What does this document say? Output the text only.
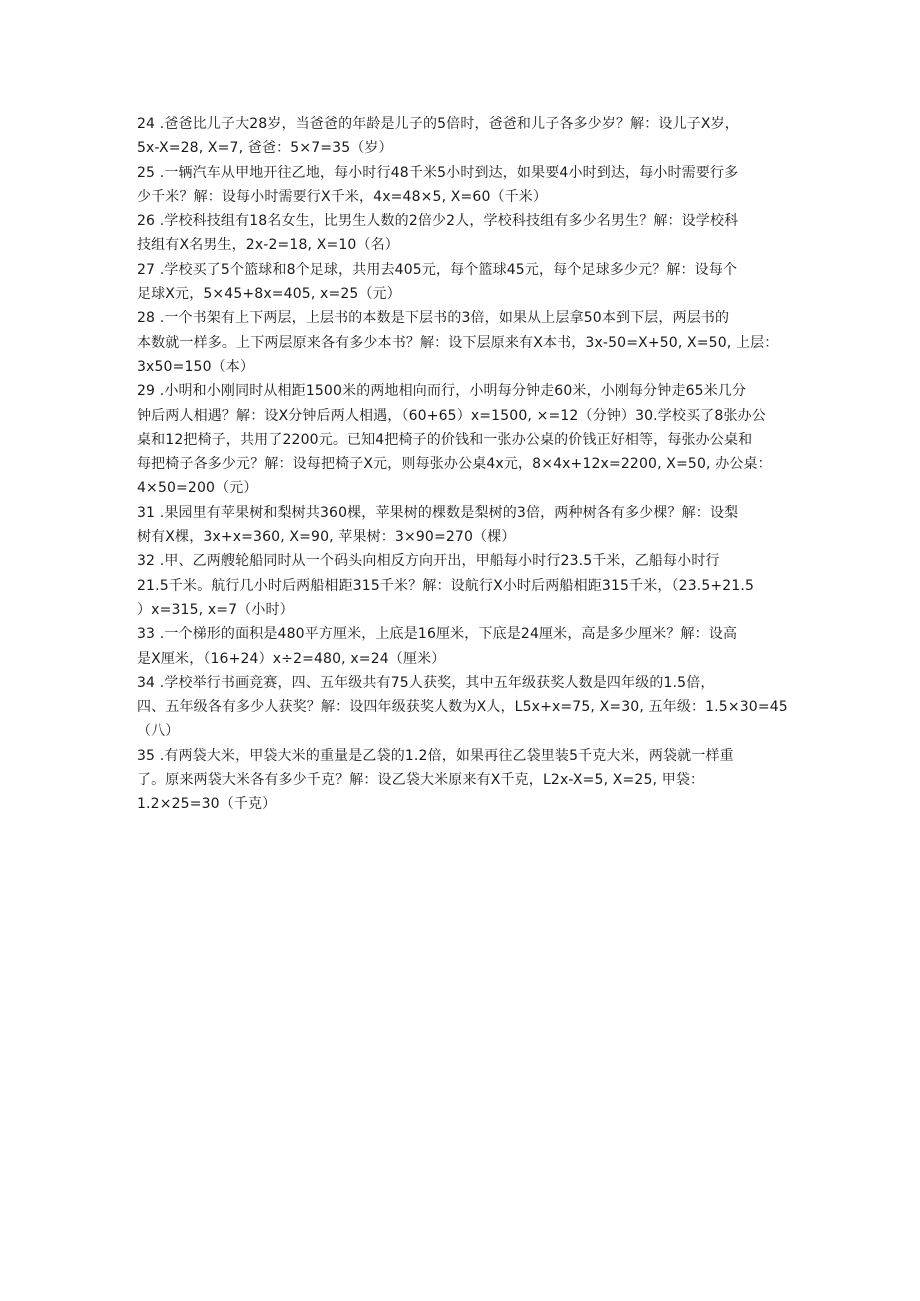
24 .爸爸比儿子大28岁，当爸爸的年龄是儿子的5倍时，爸爸和儿子各多少岁？解：设儿子X岁，
5x-X=28, X=7, 爸爸：5×7=35（岁）
25 .一辆汽车从甲地开往乙地，每小时行48千米5小时到达，如果要4小时到达，每小时需要行多
少千米？解：设每小时需要行X千米，4x=48×5, X=60（千米）
26 .学校科技组有18名女生，比男生人数的2倍少2人，学校科技组有多少名男生？解：设学校科
技组有X名男生，2x-2=18, X=10（名）
27 .学校买了5个篮球和8个足球，共用去405元，每个篮球45元，每个足球多少元？解：设每个
足球X元，5×45+8x=405, x=25（元）
28 .一个书架有上下两层，上层书的本数是下层书的3倍，如果从上层拿50本到下层，两层书的
本数就一样多。上下两层原来各有多少本书？解：设下层原来有X本书，3x-50=X+50, X=50, 上层：
3x50=150（本）
29 .小明和小刚同时从相距1500米的两地相向而行，小明每分钟走60米，小刚每分钟走65米几分
钟后两人相遇？解：设X分钟后两人相遇，（60+65）x=1500, ×=12（分钟）30.学校买了8张办公
桌和12把椅子，共用了2200元。已知4把椅子的价钱和一张办公桌的价钱正好相等，每张办公桌和
每把椅子各多少元？解：设每把椅子X元，则每张办公桌4x元，8×4x+12x=2200, X=50, 办公桌：
4×50=200（元）
31 .果园里有苹果树和梨树共360棵，苹果树的棵数是梨树的3倍，两种树各有多少棵？解：设梨
树有X棵，3x+x=360, X=90, 苹果树：3×90=270（棵）
32 .甲、乙两艘轮船同时从一个码头向相反方向开出，甲船每小时行23.5千米，乙船每小时行
21.5千米。航行几小时后两船相距315千米？解：设航行X小时后两船相距315千米，（23.5+21.5
）x=315, x=7（小时）
33 .一个梯形的面积是480平方厘米，上底是16厘米，下底是24厘米，高是多少厘米？解：设高
是X厘米，（16+24）x÷2=480, x=24（厘米）
34 .学校举行书画竞赛，四、五年级共有75人获奖，其中五年级获奖人数是四年级的1.5倍，
四、五年级各有多少人获奖？解：设四年级获奖人数为X人，L5x+x=75, X=30, 五年级：1.5×30=45
（八）
35 .有两袋大米，甲袋大米的重量是乙袋的1.2倍，如果再往乙袋里装5千克大米，两袋就一样重
了。原来两袋大米各有多少千克？解：设乙袋大米原来有X千克，L2x-X=5, X=25, 甲袋：
1.2×25=30（千克）
